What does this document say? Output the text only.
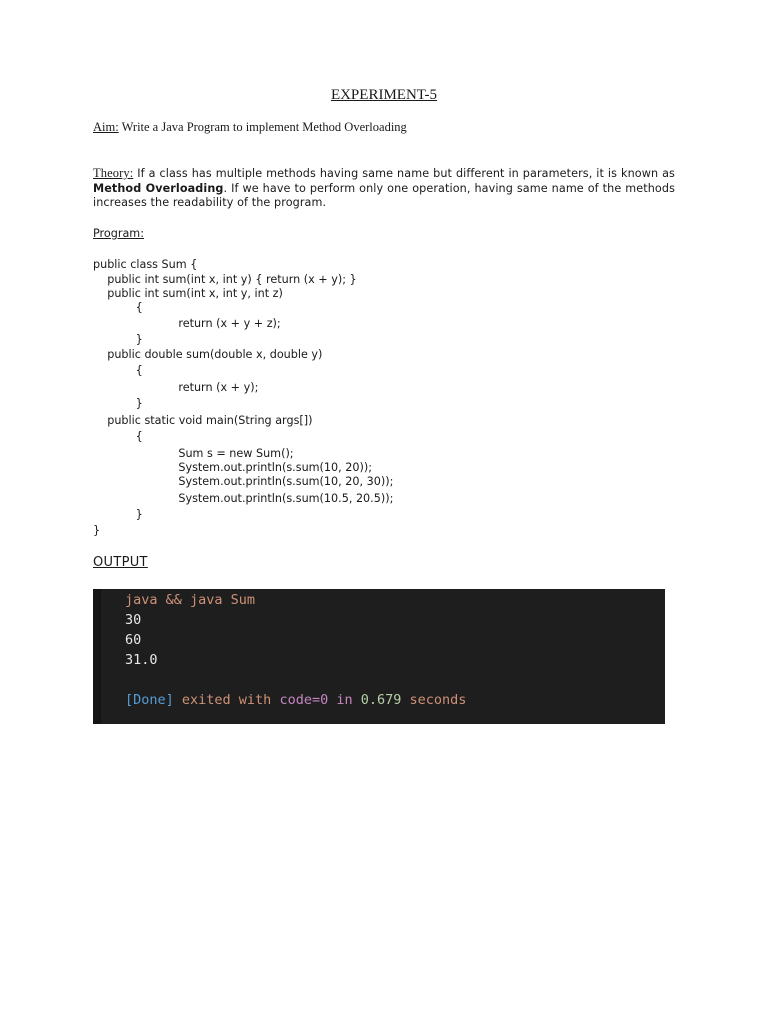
EXPERIMENT-5
Aim: Write a Java Program to implement Method Overloading
Theory: If a class has multiple methods having same name but different in parameters, it is known as Method Overloading. If we have to perform only one operation, having same name of the methods increases the readability of the program.
Program:
public class Sum {
public int sum(int x, int y) { return (x + y); }
public int sum(int x, int y, int z)
{
return (x + y + z);
}
public double sum(double x, double y)
{
return (x + y);
}
public static void main(String args[])
{
Sum s = new Sum();
System.out.println(s.sum(10, 20));
System.out.println(s.sum(10, 20, 30));
System.out.println(s.sum(10.5, 20.5));
}
}
OUTPUT
java && java Sum
30
60
31.0
[Done] exited with code=0 in 0.679 seconds
